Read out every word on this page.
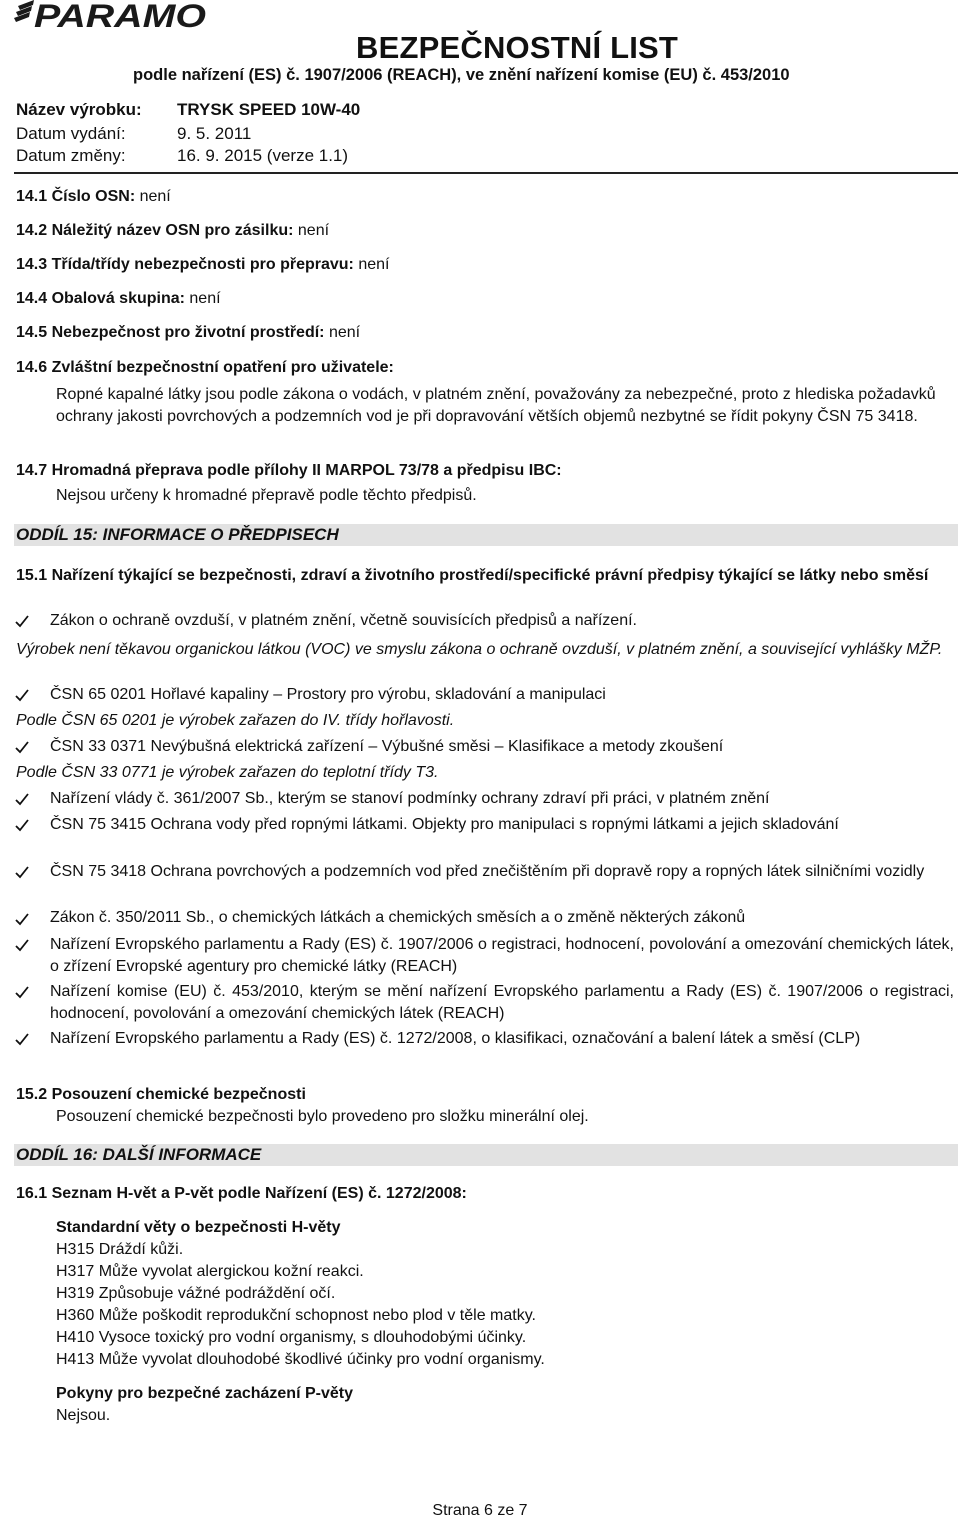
PARAMO
BEZPEČNOSTNÍ LIST
podle nařízení (ES) č. 1907/2006 (REACH), ve znění nařízení komise (EU) č. 453/2010
Název výrobku: TRYSK SPEED 10W-40
Datum vydání:	9. 5. 2011
Datum změny:	16. 9. 2015 (verze 1.1)
14.1 Číslo OSN: není
14.2 Náležitý název OSN pro zásilku: není
14.3 Třída/třídy nebezpečnosti pro přepravu: není
14.4 Obalová skupina: není
14.5 Nebezpečnost pro životní prostředí: není
14.6 Zvláštní bezpečnostní opatření pro uživatele:
Ropné kapalné látky jsou podle zákona o vodách, v platném znění, považovány za nebezpečné, proto z hlediska požadavků ochrany jakosti povrchových a podzemních vod je při dopravování větších objemů nezbytné se řídit pokyny ČSN 75 3418.
14.7 Hromadná přeprava podle přílohy II MARPOL 73/78 a předpisu IBC:
Nejsou určeny k hromadné přepravě podle těchto předpisů.
ODDÍL 15: INFORMACE O PŘEDPISECH
15.1 Nařízení týkající se bezpečnosti, zdraví a životního prostředí/specifické právní předpisy týkající se látky nebo směsí
Zákon o ochraně ovzduší, v platném znění, včetně souvisících předpisů a nařízení.
Výrobek není těkavou organickou látkou (VOC) ve smyslu zákona o ochraně ovzduší, v platném znění, a související vyhlášky MŽP.
ČSN 65 0201 Hořlavé kapaliny – Prostory pro výrobu, skladování a manipulaci
Podle ČSN 65 0201 je výrobek zařazen do IV. třídy hořlavosti.
ČSN 33 0371 Nevýbušná elektrická zařízení – Výbušné směsi – Klasifikace a metody zkoušení
Podle ČSN 33 0771 je výrobek zařazen do teplotní třídy T3.
Nařízení vlády č. 361/2007 Sb., kterým se stanoví podmínky ochrany zdraví při práci, v platném znění
ČSN 75 3415 Ochrana vody před ropnými látkami. Objekty pro manipulaci s ropnými látkami a jejich skladování
ČSN 75 3418 Ochrana povrchových a podzemních vod před znečištěním při dopravě ropy a ropných látek silničními vozidly
Zákon č. 350/2011 Sb., o chemických látkách a chemických směsích a o změně některých zákonů
Nařízení Evropského parlamentu a Rady (ES) č. 1907/2006 o registraci, hodnocení, povolování a omezování chemických látek, o zřízení Evropské agentury pro chemické látky (REACH)
Nařízení komise (EU) č. 453/2010, kterým se mění nařízení Evropského parlamentu a Rady (ES) č. 1907/2006 o registraci, hodnocení, povolování a omezování chemických látek (REACH)
Nařízení Evropského parlamentu a Rady (ES) č. 1272/2008, o klasifikaci, označování a balení látek a směsí (CLP)
15.2 Posouzení chemické bezpečnosti
Posouzení chemické bezpečnosti bylo provedeno pro složku minerální olej.
ODDÍL 16: DALŠÍ INFORMACE
16.1 Seznam H-vět a P-vět podle Nařízení (ES) č. 1272/2008:
Standardní věty o bezpečnosti H-věty
H315 Dráždí kůži.
H317 Může vyvolat alergickou kožní reakci.
H319 Způsobuje vážné podráždění očí.
H360 Může poškodit reprodukční schopnost nebo plod v těle matky.
H410 Vysoce toxický pro vodní organismy, s dlouhodobými účinky.
H413 Může vyvolat dlouhodobé škodlivé účinky pro vodní organismy.
Pokyny pro bezpečné zacházení P-věty
Nejsou.
Strana 6 ze 7
